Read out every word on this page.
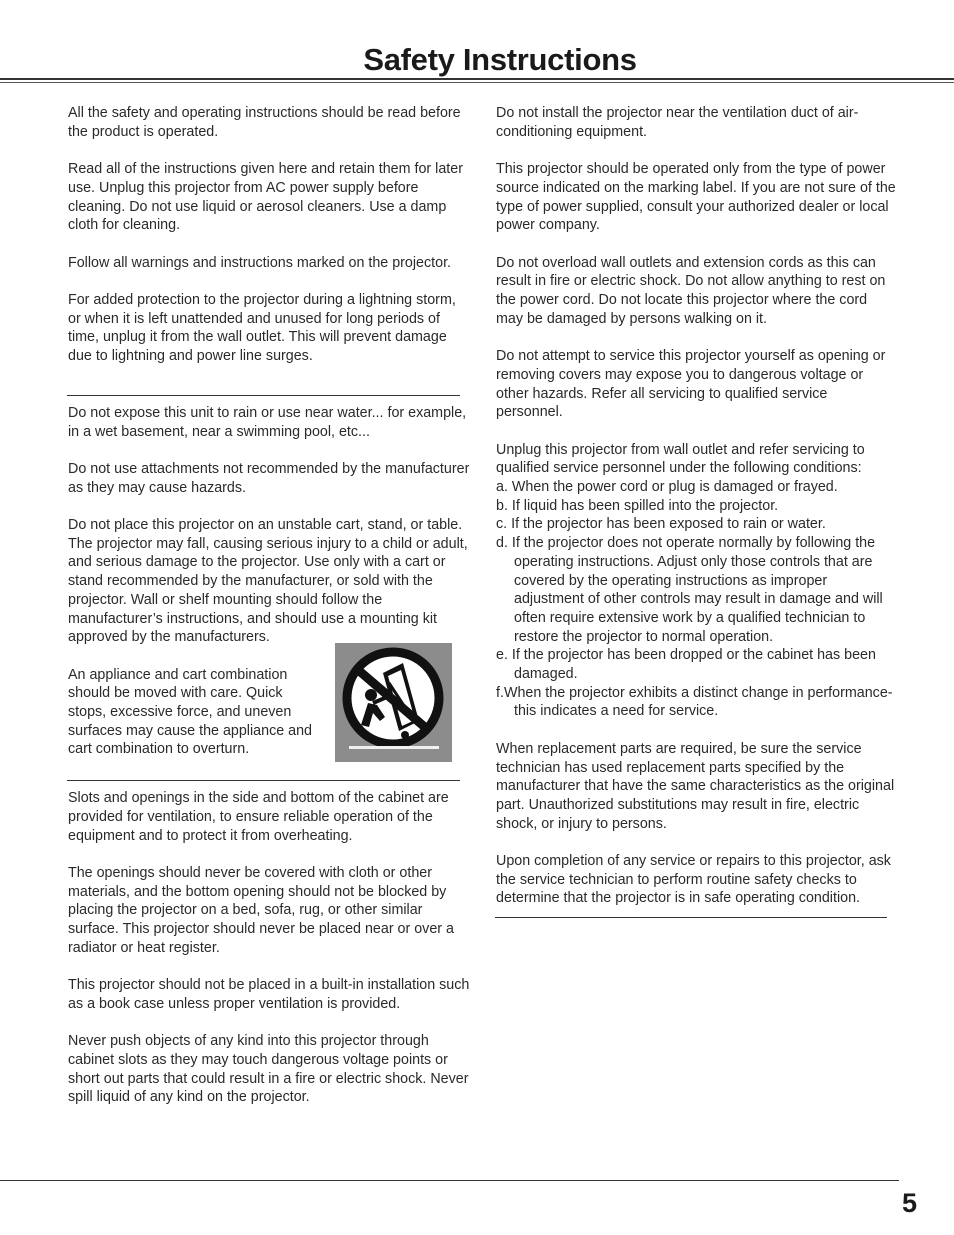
Safety Instructions

All the safety and operating instructions should be read before the product is operated.

Read all of the instructions given here and retain them for later use. Unplug this projector from AC power supply before cleaning. Do not use liquid or aerosol cleaners. Use a damp cloth for cleaning.

Follow all warnings and instructions marked on the projector.

For added protection to the projector during a lightning storm, or when it is left unattended and unused for long periods of time, unplug it from the wall outlet. This will prevent damage due to lightning and power line surges.

Do not expose this unit to rain or use near water... for example, in a wet basement, near a swimming pool, etc...

Do not use attachments not recommended by the manufacturer as they may cause hazards.

Do not place this projector on an unstable cart, stand, or table. The projector may fall, causing serious injury to a child or adult, and serious damage to the projector. Use only with a cart or stand recommended by the manufacturer, or sold with the projector. Wall or shelf mounting should follow the manufacturer’s instructions, and should use a mounting kit approved by the manufacturers.

An appliance and cart combination should be moved with care. Quick stops, excessive force, and uneven surfaces may cause the appliance and cart combination to overturn.

Slots and openings in the side and bottom of the cabinet are provided for ventilation, to ensure reliable operation of the equipment and to protect it from overheating.

The openings should never be covered with cloth or other materials, and the bottom opening should not be blocked by placing the projector on a bed, sofa, rug, or other similar surface. This projector should never be placed near or over a radiator or heat register.

This projector should not be placed in a built-in installation such as a book case unless proper ventilation is provided.

Never push objects of any kind into this projector through cabinet slots as they may touch dangerous voltage points or short out parts that could result in a fire or electric shock. Never spill liquid of any kind on the projector.

Do not install the projector near the ventilation duct of air-conditioning equipment.

This projector should be operated only from the type of power source indicated on the marking label. If you are not sure of the type of power supplied, consult your authorized dealer or local power company.

Do not overload wall outlets and extension cords as this can result in fire or electric shock. Do not allow anything to rest on the power cord. Do not locate this projector where the cord may be damaged by persons walking on it.

Do not attempt to service this projector yourself as opening or removing covers may expose you to dangerous voltage or other hazards. Refer all servicing to qualified service personnel.

Unplug this projector from wall outlet and refer servicing to qualified service personnel under the following conditions:

a. When the power cord or plug is damaged or frayed.
b. If liquid has been spilled into the projector.
c. If the projector has been exposed to rain or water.
d. If the projector does not operate normally by following the operating instructions. Adjust only those controls that are covered by the operating instructions as improper adjustment of other controls may result in damage and will often require extensive work by a qualified technician to restore the projector to normal operation.
e. If the projector has been dropped or the cabinet has been damaged.
f.When the projector exhibits a distinct change in performance-this indicates a need for service.

When replacement parts are required, be sure the service technician has used replacement parts specified by the manufacturer that have the same characteristics as the original part. Unauthorized substitutions may result in fire, electric shock, or injury to persons.

Upon completion of any service or repairs to this projector, ask the service technician to perform routine safety checks to determine that the projector is in safe operating condition.

5
